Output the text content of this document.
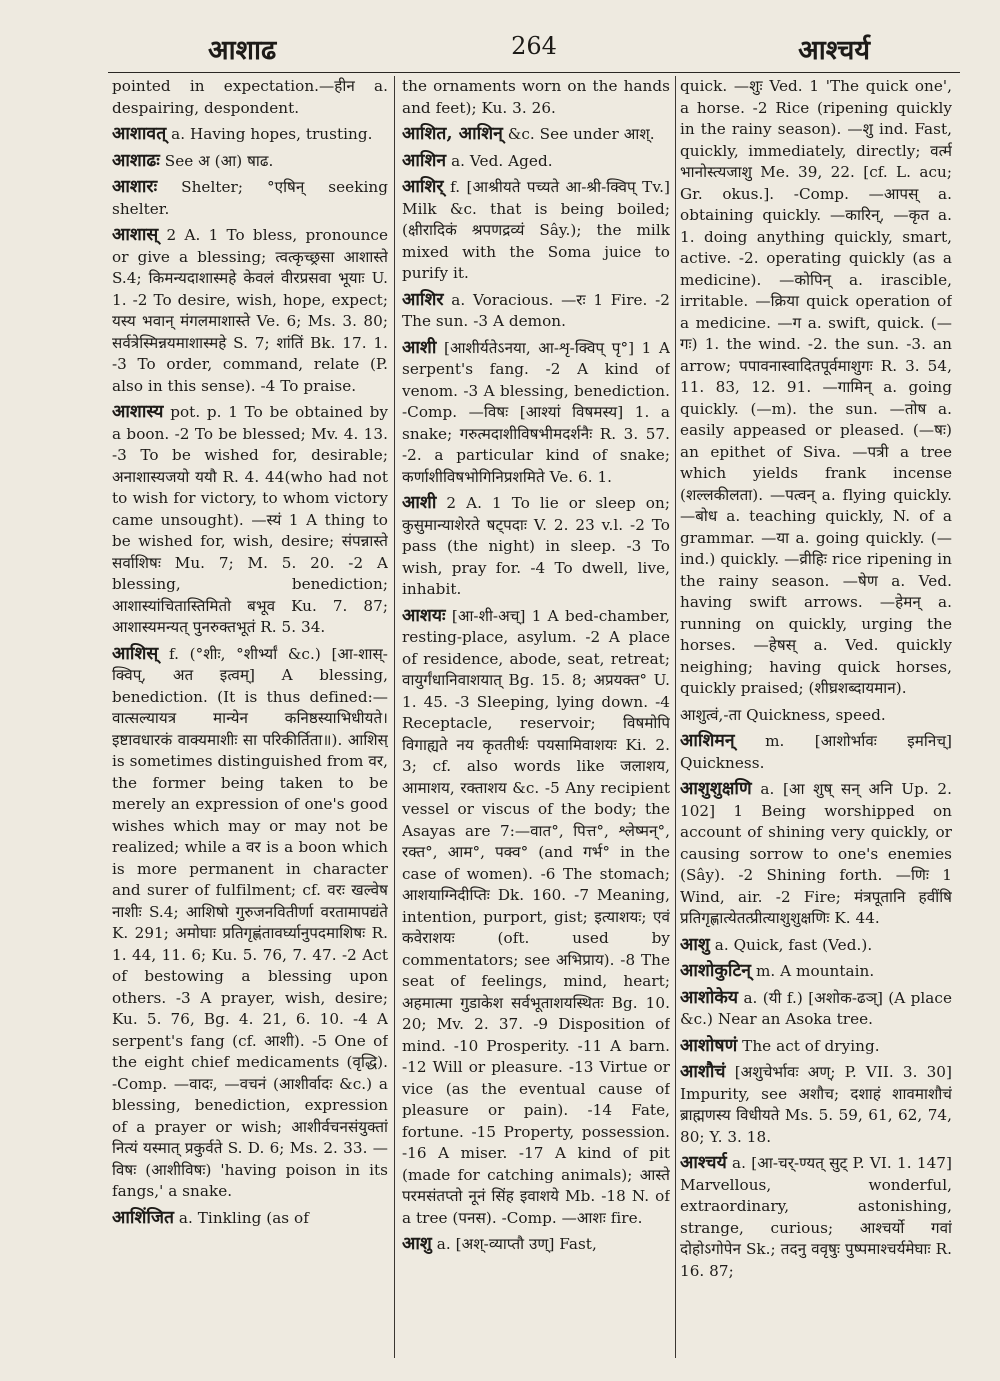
आशाढ	264	आश्चर्य

pointed in expectation.—हीन a. despairing, despondent.

आशावत् a. Having hopes, trusting.

आशाढः See अ (आ) षाढ.

आशारः Shelter; °एषिन् seeking shelter.

आशास् 2 A. 1 To bless, pronounce or give a blessing; त्वत्कृच्छ्रसा आशास्ते S.4; किमन्यदाशास्महे केवलं वीरप्रसवा भूयाः U. 1. -2 To desire, wish, hope, expect; यस्य भवान् मंगलमाशास्ते Ve. 6; Ms. 3. 80; सर्वत्रेस्मिन्नयमाशास्महे S. 7; शांतिं Bk. 17. 1. -3 To order, command, relate (P. also in this sense). -4 To praise.

आशास्य pot. p. 1 To be obtained by a boon. -2 To be blessed; Mv. 4. 13. -3 To be wished for, desirable; अनाशास्यजयो ययौ R. 4. 44(who had not to wish for victory, to whom victory came unsought). —स्यं 1 A thing to be wished for, wish, desire; संपन्नास्ते सर्वाशिषः Mu. 7; M. 5. 20. -2 A blessing, benediction; आशास्यांचितास्तिमितो बभूव Ku. 7. 87; आशास्यमन्यत् पुनरुक्तभूतं R. 5. 34.

आशिस् f. (°शीः, °शीर्भ्यां &c.) [आ-शास्-क्विप्, अत इत्वम्] A blessing, benediction. (It is thus defined:—वात्सल्यायत्र मान्येन कनिष्ठस्याभिधीयते। इष्टावधारकं वाक्यमाशीः सा परिकीर्तिता॥). आशिस् is sometimes distinguished from वर, the former being taken to be merely an expression of one's good wishes which may or may not be realized; while a वर is a boon which is more permanent in character and surer of fulfilment; cf. वरः खल्वेष नाशीः S.4; आशिषो गुरुजनवितीर्णा वरतामापद्यंते K. 291; अमोघाः प्रतिगृह्णंतावर्घ्यानुपदमाशिषः R. 1. 44, 11. 6; Ku. 5. 76, 7. 47. -2 Act of bestowing a blessing upon others. -3 A prayer, wish, desire; Ku. 5. 76, Bg. 4. 21, 6. 10. -4 A serpent's fang (cf. आशी). -5 One of the eight chief medicaments (वृद्धि). -Comp. —वादः, —वचनं (आशीर्वादः &c.) a blessing, benediction, expression of a prayer or wish; आशीर्वचनसंयुक्तां नित्यं यस्मात् प्रकुर्वते S. D. 6; Ms. 2. 33. —विषः (आशीविषः) 'having poison in its fangs,' a snake.

आशिंजित a. Tinkling (as of

the ornaments worn on the hands and feet); Ku. 3. 26.

आशित, आशिन् &c. See under आश्.

आशिन a. Ved. Aged.

आशिर् f. [आश्रीयते पच्यते आ-श्री-क्विप् Tv.] Milk &c. that is being boiled; (क्षीरादिकं श्रपणद्रव्यं Sây.); the milk mixed with the Soma juice to purify it.

आशिर a. Voracious. —रः 1 Fire. -2 The sun. -3 A demon.

आशी [आशीर्यतेऽनया, आ-शृ-क्विप् पृ°] 1 A serpent's fang. -2 A kind of venom. -3 A blessing, benediction. -Comp. —विषः [आश्यां विषमस्य] 1. a snake; गरुत्मदाशीविषभीमदर्शनैः R. 3. 57. -2. a particular kind of snake; कर्णाशीविषभोगिनिप्रशमिते Ve. 6. 1.

आशी 2 A. 1 To lie or sleep on; कुसुमान्याशेरते षट्पदाः V. 2. 23 v.l. -2 To pass (the night) in sleep. -3 To wish, pray for. -4 To dwell, live, inhabit.

आशयः [आ-शी-अच्] 1 A bed-chamber, resting-place, asylum. -2 A place of residence, abode, seat, retreat; वायुर्गंधानिवाशयात् Bg. 15. 8; अप्रयक्त° U. 1. 45. -3 Sleeping, lying down. -4 Receptacle, reservoir; विषमोपि विगाह्यते नय कृततीर्थः पयसामिवाशयः Ki. 2. 3; cf. also words like जलाशय, आमाशय, रक्ताशय &c. -5 Any recipient vessel or viscus of the body; the Asayas are 7:—वात°, पित्त°, श्लेष्मन्°, रक्त°, आम°, पक्व° (and गर्भ° in the case of women). -6 The stomach; आशयाग्निदीप्तिः Dk. 160. -7 Meaning, intention, purport, gist; इत्याशयः; एवं कवेराशयः (oft. used by commentators; see अभिप्राय). -8 The seat of feelings, mind, heart; अहमात्मा गुडाकेश सर्वभूताशयस्थितः Bg. 10. 20; Mv. 2. 37. -9 Disposition of mind. -10 Prosperity. -11 A barn. -12 Will or pleasure. -13 Virtue or vice (as the eventual cause of pleasure or pain). -14 Fate, fortune. -15 Property, possession. -16 A miser. -17 A kind of pit (made for catching animals); आस्ते परमसंतप्तो नूनं सिंह इवाशये Mb. -18 N. of a tree (पनस). -Comp. —आशः fire.

आशु a. [अश्-व्याप्तौ उण्] Fast,

quick. —शुः Ved. 1 'The quick one', a horse. -2 Rice (ripening quickly in the rainy season). —शु ind. Fast, quickly, immediately, directly; वर्त्म भानोस्त्यजाशु Me. 39, 22. [cf. L. acu; Gr. okus.]. -Comp. —आपस् a. obtaining quickly. —कारिन्, —कृत a. 1. doing anything quickly, smart, active. -2. operating quickly (as a medicine). —कोपिन् a. irascible, irritable. —क्रिया quick operation of a medicine. —ग a. swift, quick. (—गः) 1. the wind. -2. the sun. -3. an arrow; पपावनास्वादितपूर्वमाशुगः R. 3. 54, 11. 83, 12. 91. —गामिन् a. going quickly. (—m). the sun. —तोष a. easily appeased or pleased. (—षः) an epithet of Siva. —पत्री a tree which yields frank incense (शल्लकीलता). —पत्वन् a. flying quickly. —बोध a. teaching quickly, N. of a grammar. —या a. going quickly. (—ind.) quickly. —व्रीहिः rice ripening in the rainy season. —षेण a. Ved. having swift arrows. —हेमन् a. running on quickly, urging the horses. —हेषस् a. Ved. quickly neighing; having quick horses, quickly praised; (शीघ्रशब्दायमान).

आशुत्वं,-ता Quickness, speed.

आशिमन् m. [आशोर्भावः इमनिच्] Quickness.

आशुशुक्षणि a. [आ शुष् सन् अनि Up. 2. 102] 1 Being worshipped on account of shining very quickly, or causing sorrow to one's enemies (Sây). -2 Shining forth. —णिः 1 Wind, air. -2 Fire; मंत्रपूतानि हवींषि प्रतिगृह्णात्येतत्प्रीत्याशुशुक्षणिः K. 44.

आशु a. Quick, fast (Ved.).

आशोकुटिन् m. A mountain.

आशोकेय a. (यी f.) [अशोक-ढञ्] (A place &c.) Near an Asoka tree.

आशोषणं The act of drying.

आशौचं [अशुचेर्भावः अण्; P. VII. 3. 30] Impurity, see अशौच; दशाहं शावमाशौचं ब्राह्मणस्य विधीयते Ms. 5. 59, 61, 62, 74, 80; Y. 3. 18.

आश्चर्य a. [आ-चर्-ण्यत् सुट् P. VI. 1. 147] Marvellous, wonderful, extraordinary, astonishing, strange, curious; आश्चर्यो गवां दोहोऽगोपेन Sk.; तदनु ववृषुः पुष्पमाश्चर्यमेघाः R. 16. 87;
